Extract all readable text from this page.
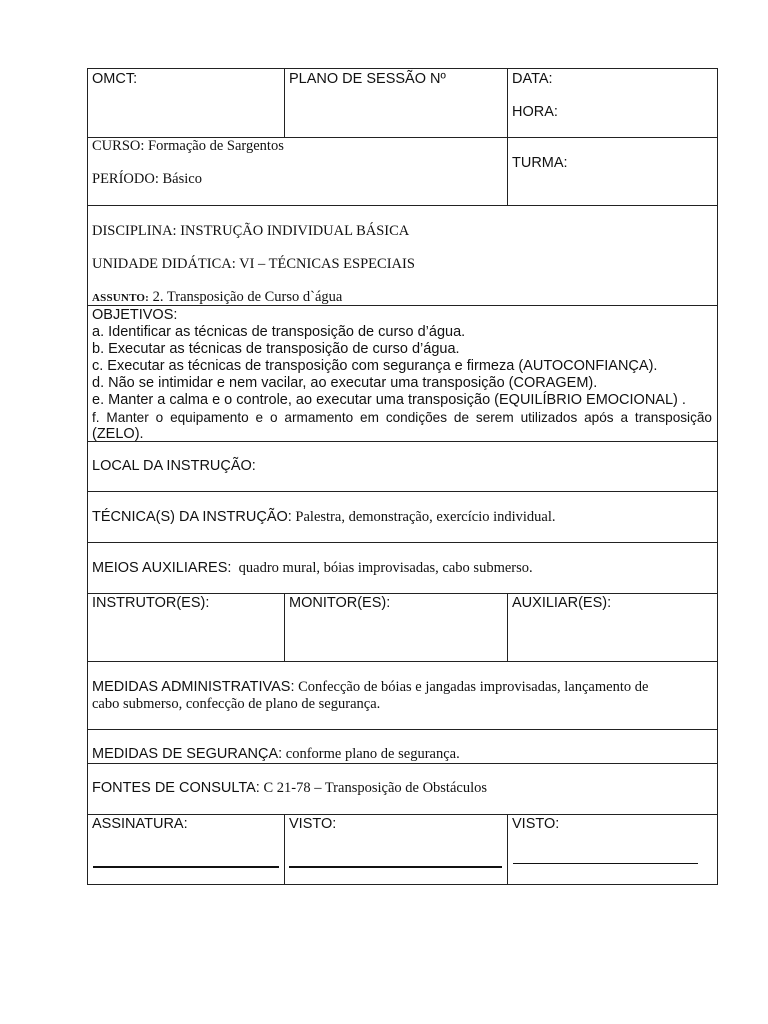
OMCT:	PLANO DE SESSÃO Nº	DATA:
HORA:
CURSO: Formação de Sargentos
PERÍODO: Básico
TURMA:
DISCIPLINA: INSTRUÇÃO INDIVIDUAL BÁSICA
UNIDADE DIDÁTICA: VI – TÉCNICAS ESPECIAIS
ASSUNTO: 2. Transposição de Curso d`água
OBJETIVOS:
a. Identificar as técnicas de transposição de curso d’água.
b. Executar as técnicas de transposição de curso d’água.
c. Executar as técnicas de transposição com segurança e firmeza (AUTOCONFIANÇA).
d. Não se intimidar e nem vacilar, ao executar uma transposição (CORAGEM).
e. Manter a calma e o controle, ao executar uma transposição (EQUILÍBRIO EMOCIONAL) .
f. Manter o equipamento e o armamento em condições de serem utilizados após a transposição
(ZELO).
LOCAL DA INSTRUÇÃO:
TÉCNICA(S) DA INSTRUÇÃO: Palestra, demonstração, exercício individual.
MEIOS AUXILIARES: quadro mural, bóias improvisadas, cabo submerso.
INSTRUTOR(ES):	MONITOR(ES):	AUXILIAR(ES):
MEDIDAS ADMINISTRATIVAS: Confecção de bóias e jangadas improvisadas, lançamento de
cabo submerso, confecção de plano de segurança.
MEDIDAS DE SEGURANÇA: conforme plano de segurança.
FONTES DE CONSULTA: C 21-78 – Transposição de Obstáculos
ASSINATURA:	VISTO:	VISTO:
